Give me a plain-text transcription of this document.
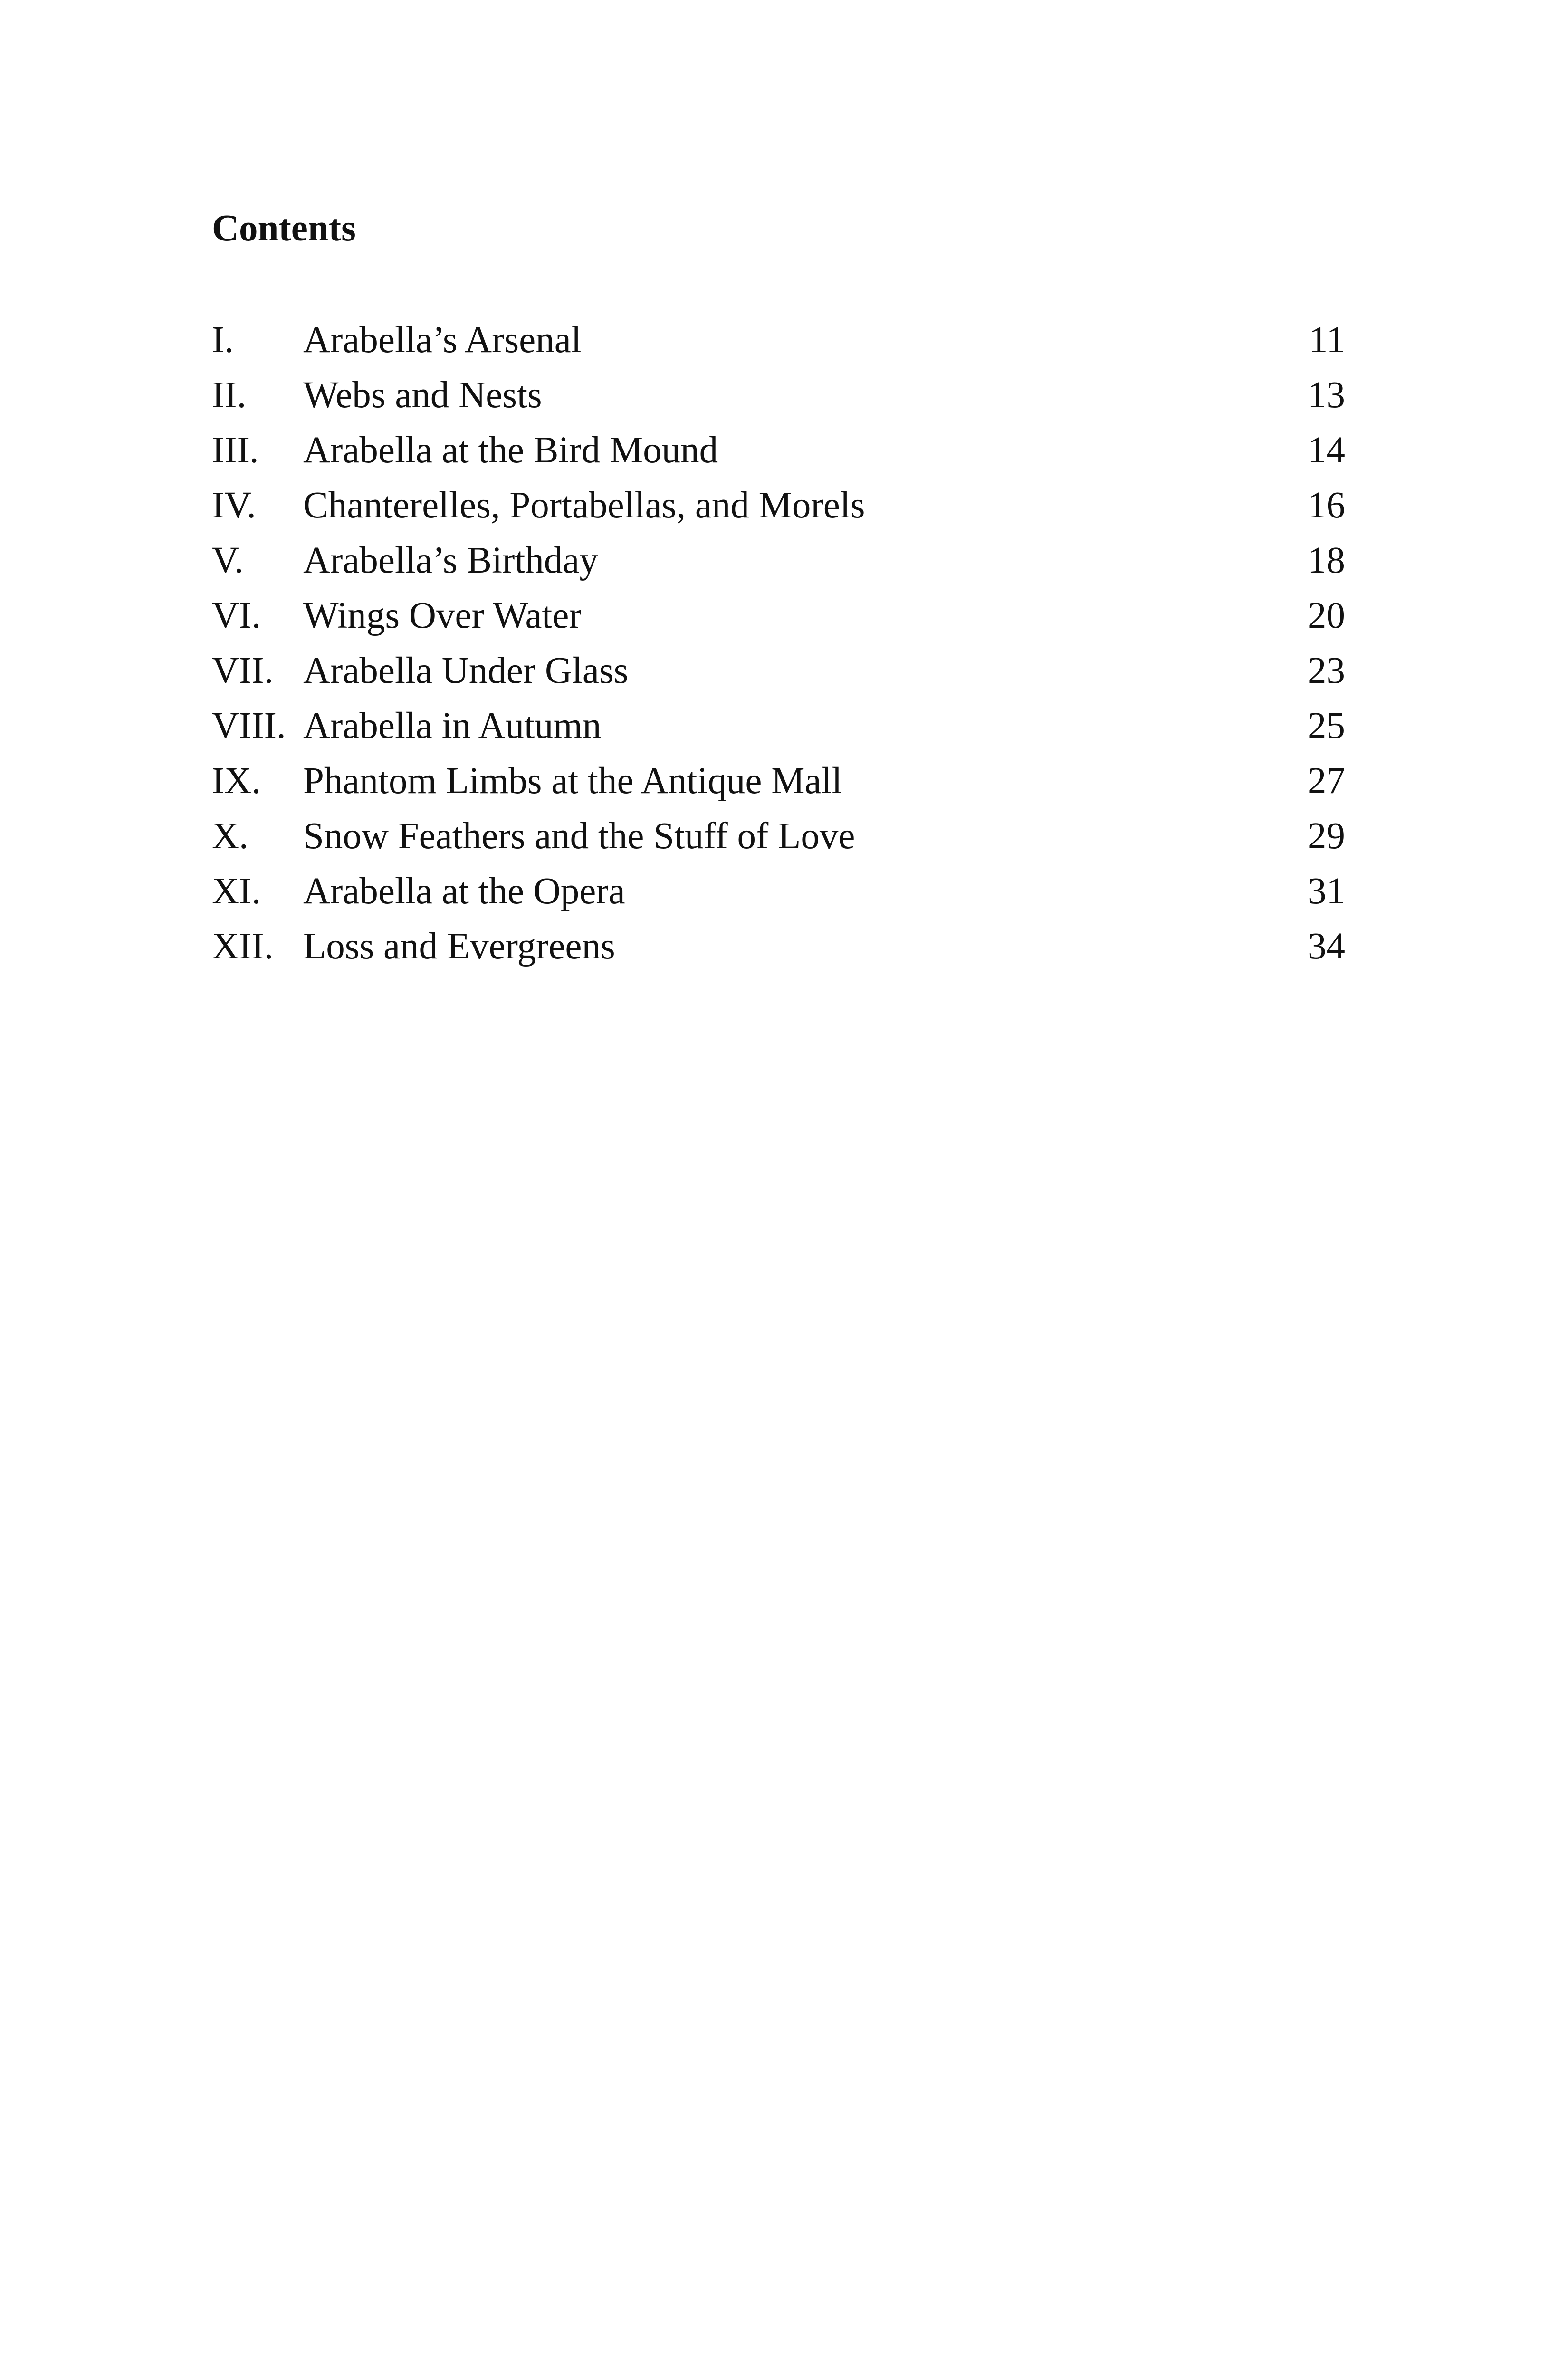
Contents
I. Arabella’s Arsenal	11
II. Webs and Nests	13
III. Arabella at the Bird Mound	14
IV. Chanterelles, Portabellas, and Morels	16
V. Arabella’s Birthday	18
VI. Wings Over Water	20
VII. Arabella Under Glass	23
VIII. Arabella in Autumn	25
IX. Phantom Limbs at the Antique Mall	27
X. Snow Feathers and the Stuff of Love	29
XI. Arabella at the Opera	31
XII. Loss and Evergreens	34
